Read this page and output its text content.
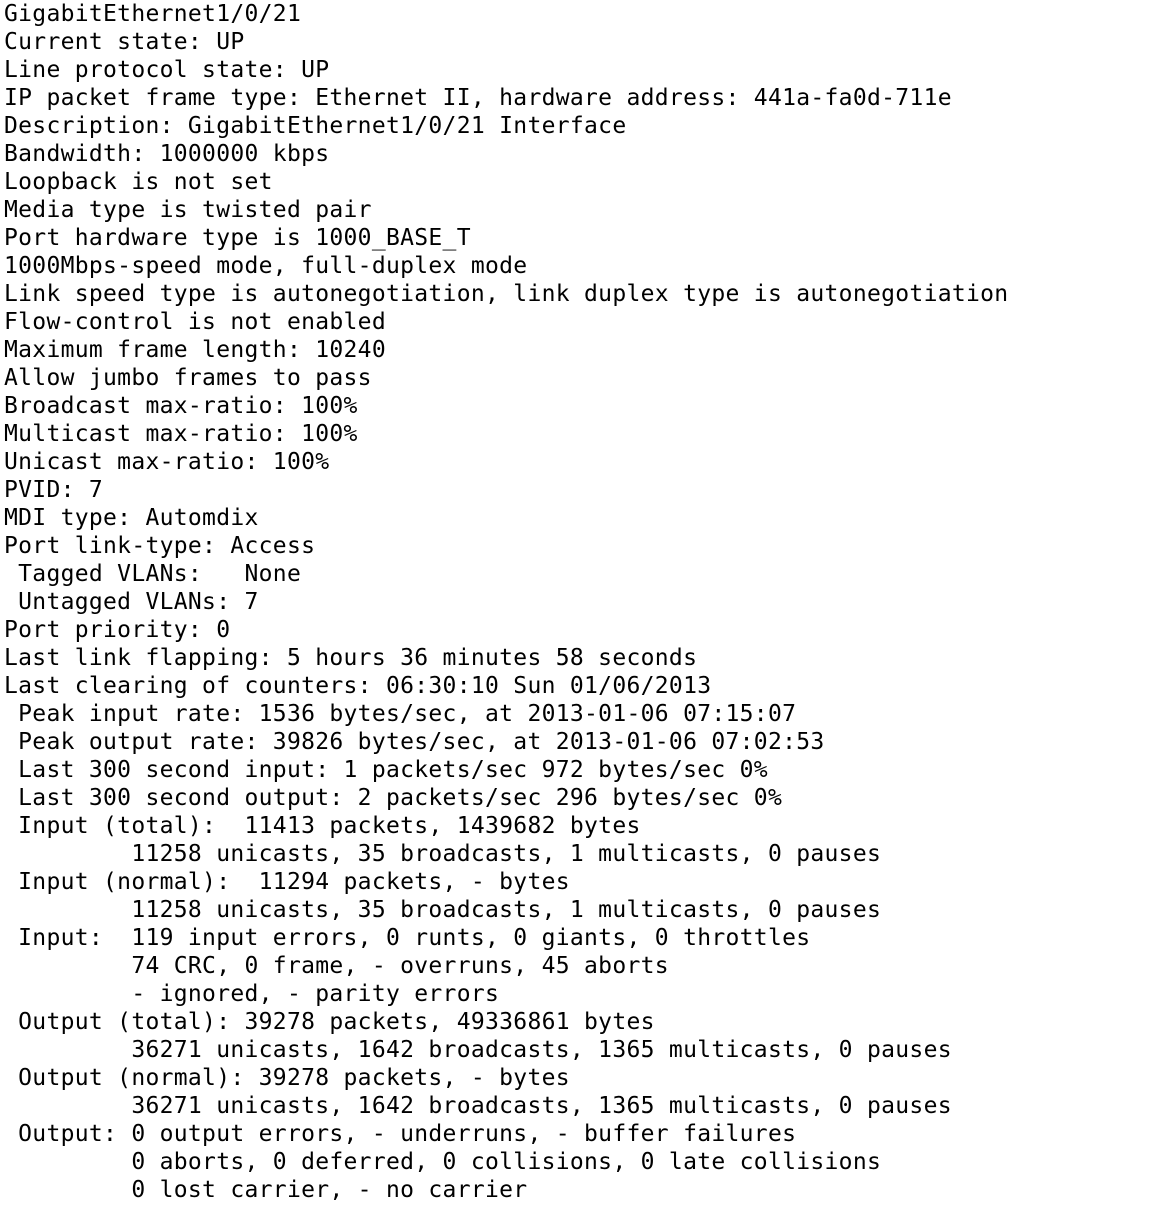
GigabitEthernet1/0/21
Current state: UP
Line protocol state: UP
IP packet frame type: Ethernet II, hardware address: 441a-fa0d-711e
Description: GigabitEthernet1/0/21 Interface
Bandwidth: 1000000 kbps
Loopback is not set
Media type is twisted pair
Port hardware type is 1000_BASE_T
1000Mbps-speed mode, full-duplex mode
Link speed type is autonegotiation, link duplex type is autonegotiation
Flow-control is not enabled
Maximum frame length: 10240
Allow jumbo frames to pass
Broadcast max-ratio: 100%
Multicast max-ratio: 100%
Unicast max-ratio: 100%
PVID: 7
MDI type: Automdix
Port link-type: Access
Tagged VLANs:   None
Untagged VLANs: 7
Port priority: 0
Last link flapping: 5 hours 36 minutes 58 seconds
Last clearing of counters: 06:30:10 Sun 01/06/2013
Peak input rate: 1536 bytes/sec, at 2013-01-06 07:15:07
Peak output rate: 39826 bytes/sec, at 2013-01-06 07:02:53
Last 300 second input: 1 packets/sec 972 bytes/sec 0%
Last 300 second output: 2 packets/sec 296 bytes/sec 0%
Input (total):  11413 packets, 1439682 bytes
11258 unicasts, 35 broadcasts, 1 multicasts, 0 pauses
Input (normal):  11294 packets, - bytes
11258 unicasts, 35 broadcasts, 1 multicasts, 0 pauses
Input:  119 input errors, 0 runts, 0 giants, 0 throttles
74 CRC, 0 frame, - overruns, 45 aborts
- ignored, - parity errors
Output (total): 39278 packets, 49336861 bytes
36271 unicasts, 1642 broadcasts, 1365 multicasts, 0 pauses
Output (normal): 39278 packets, - bytes
36271 unicasts, 1642 broadcasts, 1365 multicasts, 0 pauses
Output: 0 output errors, - underruns, - buffer failures
0 aborts, 0 deferred, 0 collisions, 0 late collisions
0 lost carrier, - no carrier
